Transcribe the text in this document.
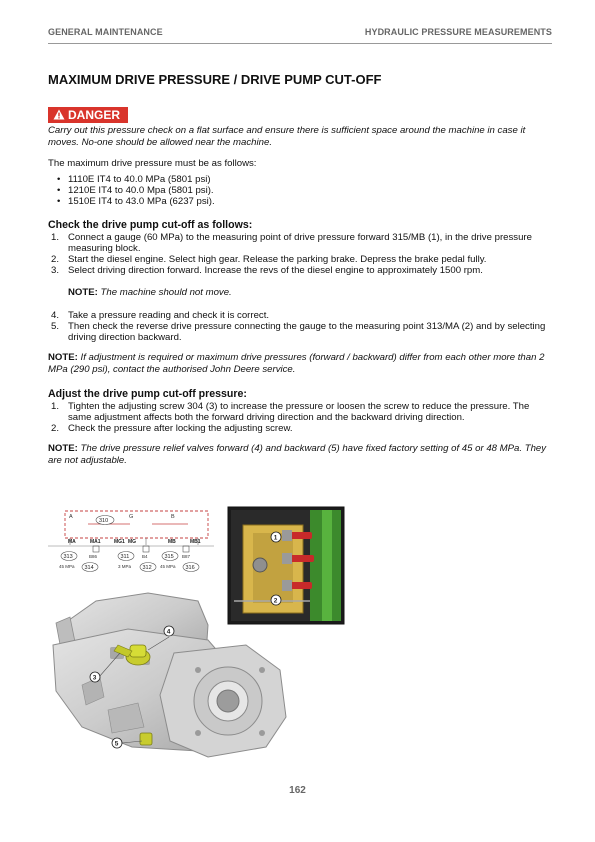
GENERAL MAINTENANCE	HYDRAULIC PRESSURE MEASUREMENTS
MAXIMUM DRIVE PRESSURE / DRIVE PUMP CUT-OFF
DANGER
Carry out this pressure check on a flat surface and ensure there is sufficient space around the machine in case it moves. No-one should be allowed near the machine.
The maximum drive pressure must be as follows:
• 1110E IT4 to 40.0 MPa (5801 psi)
• 1210E IT4 to 40.0 Mpa (5801 psi).
• 1510E IT4 to 43.0 MPa (6237 psi).
Check the drive pump cut-off as follows:
1. Connect a gauge (60 MPa) to the measuring point of drive pressure forward 315/MB (1), in the drive pressure measuring block.
2. Start the diesel engine. Select high gear. Release the parking brake. Depress the brake pedal fully.
3. Select driving direction forward. Increase the revs of the diesel engine to approximately 1500 rpm.
NOTE: The machine should not move.
4. Take a pressure reading and check it is correct.
5. Then check the reverse drive pressure connecting the gauge to the measuring point 313/MA (2) and by selecting driving direction backward.
NOTE: If adjustment is required or maximum drive pressures (forward / backward) differ from each other more than 2 MPa (290 psi), contact the authorised John Deere service.
Adjust the drive pump cut-off pressure:
1. Tighten the adjusting screw 304 (3) to increase the pressure or loosen the screw to reduce the pressure. The same adjustment affects both the forward driving direction and the backward driving direction.
2. Check the pressure after locking the adjusting screw.
NOTE: The drive pressure relief valves forward (4) and backward (5) have fixed factory setting of 45 or 48 MPa. They are not adjustable.
A	G	B
310
MA	MA1	MG1 MG	MB	MB1
B86	B4	B87
313	311	315
45 MPa 314	3 MPa 312 45 MPa 316
1
2
4
3
5
162
